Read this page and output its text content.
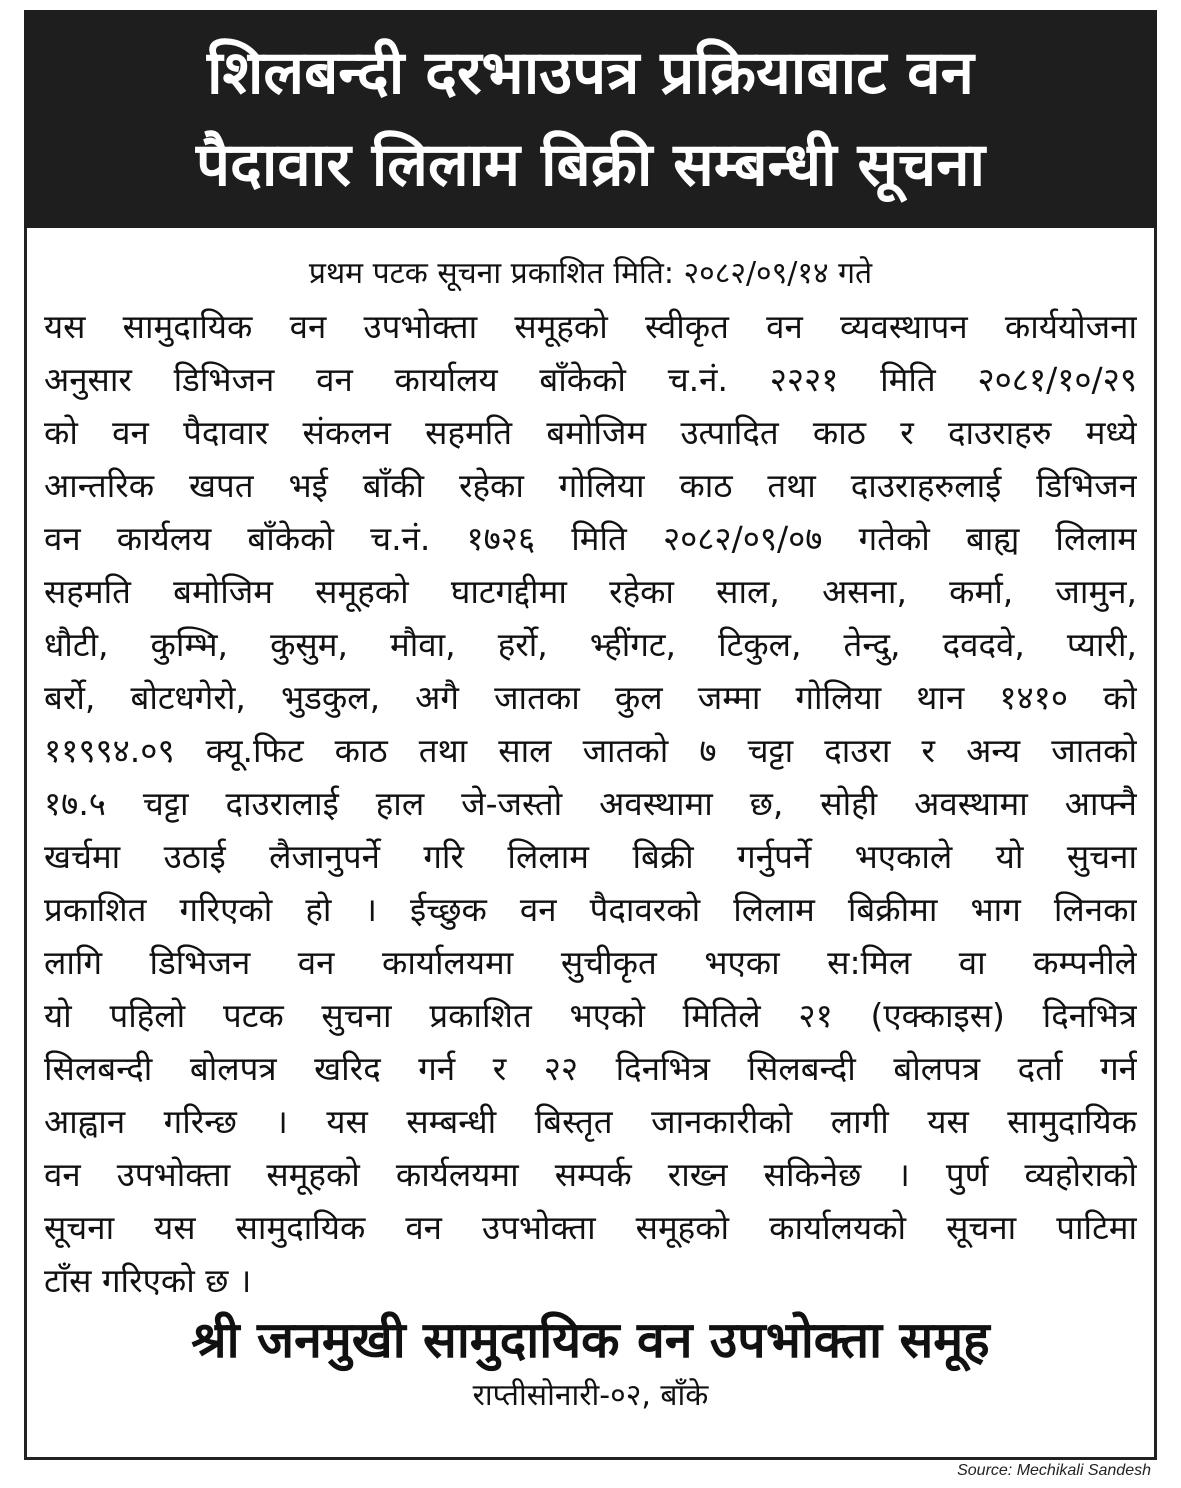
शिलबन्दी दरभाउपत्र प्रक्रियाबाट वन
पैदावार लिलाम बिक्री सम्बन्धी सूचना
प्रथम पटक सूचना प्रकाशित मिति: २०८२/०९/१४ गते
यस सामुदायिक वन उपभोक्ता समूहको स्वीकृत वन व्यवस्थापन कार्ययोजना
अनुसार डिभिजन वन कार्यालय बाँकेको च.नं. २२२१ मिति २०८१/१०/२९
को वन पैदावार संकलन सहमति बमोजिम उत्पादित काठ र दाउराहरु मध्ये
आन्तरिक खपत भई बाँकी रहेका गोलिया काठ तथा दाउराहरुलाई डिभिजन
वन कार्यलय बाँकेको च.नं. १७२६ मिति २०८२/०९/०७ गतेको बाह्य लिलाम
सहमति बमोजिम समूहको घाटगद्दीमा रहेका साल, असना, कर्मा, जामुन,
धौटी, कुम्भि, कुसुम, मौवा, हर्रो, भ्हींगट, टिकुल, तेन्दु, दवदवे, प्यारी,
बर्रो, बोटधगेरो, भुडकुल, अगै जातका कुल जम्मा गोलिया थान १४१० को
११९९४.०९ क्यू.फिट काठ तथा साल जातको ७ चट्टा दाउरा र अन्य जातको
१७.५ चट्टा दाउरालाई हाल जे-जस्तो अवस्थामा छ, सोही अवस्थामा आफ्नै
खर्चमा उठाई लैजानुपर्ने गरि लिलाम बिक्री गर्नुपर्ने भएकाले यो सुचना
प्रकाशित गरिएको हो । ईच्छुक वन पैदावरको लिलाम बिक्रीमा भाग लिनका
लागि डिभिजन वन कार्यालयमा सुचीकृत भएका स:मिल वा कम्पनीले
यो पहिलो पटक सुचना प्रकाशित भएको मितिले २१ (एक्काइस) दिनभित्र
सिलबन्दी बोलपत्र खरिद गर्न र २२ दिनभित्र सिलबन्दी बोलपत्र दर्ता गर्न
आह्वान गरिन्छ । यस सम्बन्धी बिस्तृत जानकारीको लागी यस सामुदायिक
वन उपभोक्ता समूहको कार्यलयमा सम्पर्क राख्न सकिनेछ । पुर्ण व्यहोराको
सूचना यस सामुदायिक वन उपभोक्ता समूहको कार्यालयको सूचना पाटिमा
टाँस गरिएको छ ।
श्री जनमुखी सामुदायिक वन उपभोक्ता समूह
राप्तीसोनारी-०२, बाँके
Source: Mechikali Sandesh
